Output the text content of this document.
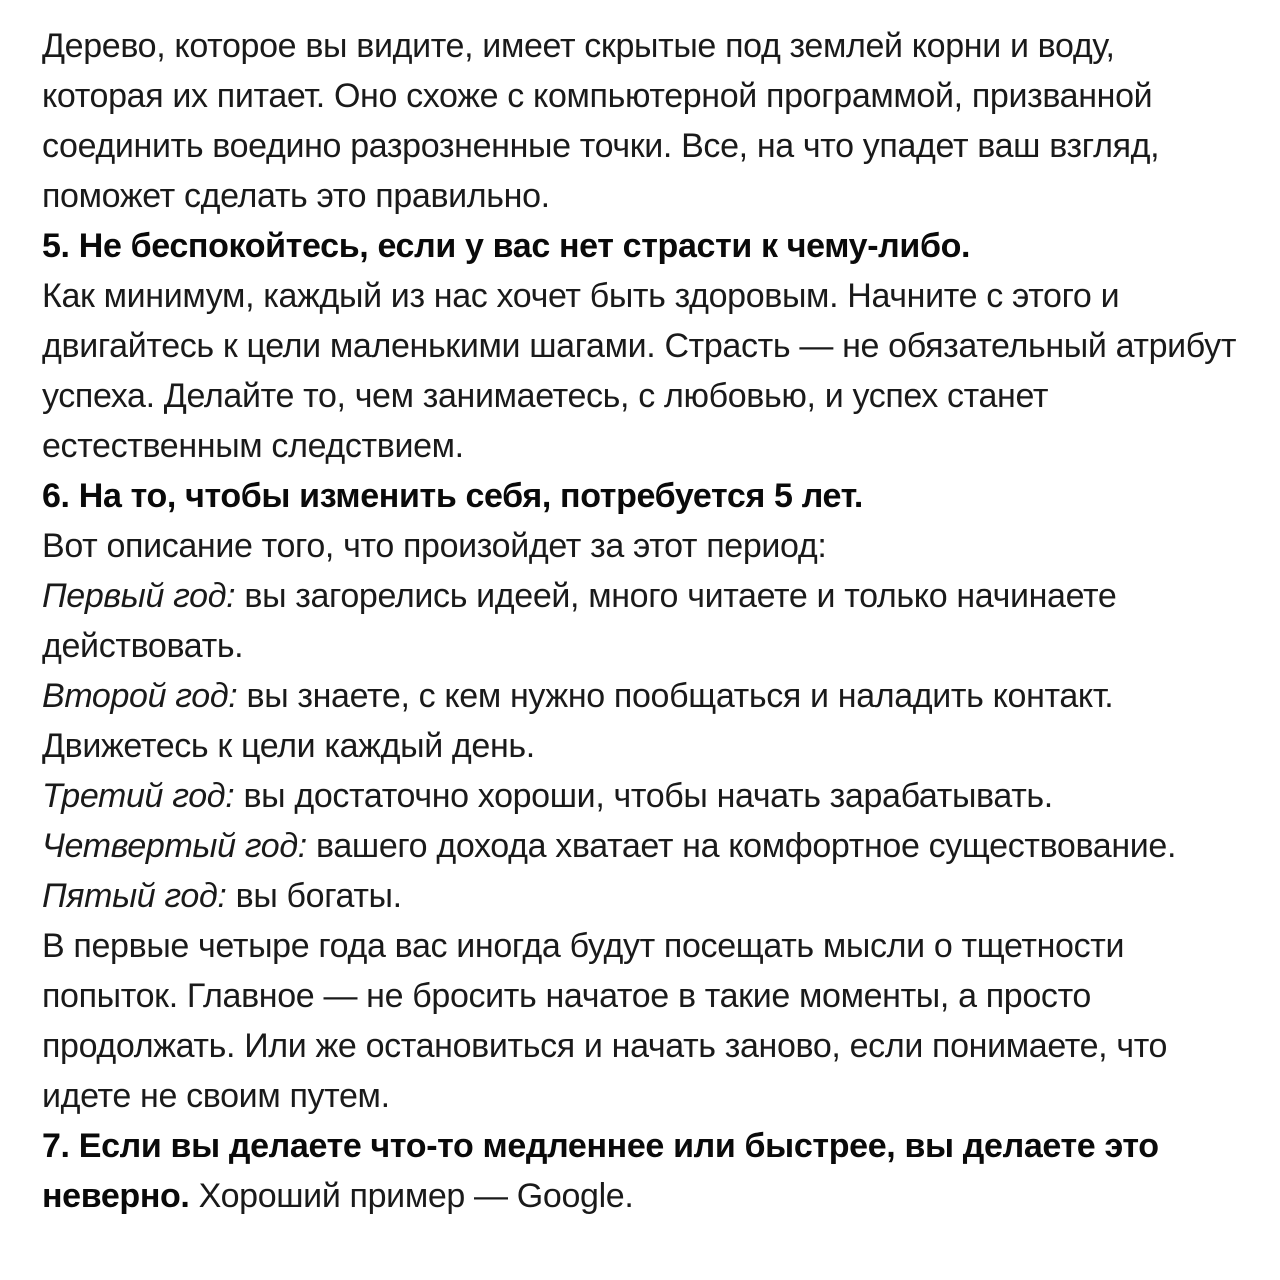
Дерево, которое вы видите, имеет скрытые под землей корни и воду, которая их питает. Оно схоже с компьютерной программой, призванной соединить воедино разрозненные точки. Все, на что упадет ваш взгляд, поможет сделать это правильно.

5. Не беспокойтесь, если у вас нет страсти к чему-либо.

Как минимум, каждый из нас хочет быть здоровым. Начните с этого и двигайтесь к цели маленькими шагами. Страсть — не обязательный атрибут успеха. Делайте то, чем занимаетесь, с любовью, и успех станет естественным следствием.

6. На то, чтобы изменить себя, потребуется 5 лет.

Вот описание того, что произойдет за этот период:

Первый год: вы загорелись идеей, много читаете и только начинаете действовать.

Второй год: вы знаете, с кем нужно пообщаться и наладить контакт. Движетесь к цели каждый день.

Третий год: вы достаточно хороши, чтобы начать зарабатывать.

Четвертый год: вашего дохода хватает на комфортное существование.

Пятый год: вы богаты.

В первые четыре года вас иногда будут посещать мысли о тщетности попыток. Главное — не бросить начатое в такие моменты, а просто продолжать. Или же остановиться и начать заново, если понимаете, что идете не своим путем.

7. Если вы делаете что-то медленнее или быстрее, вы делаете это неверно. Хороший пример — Google.
